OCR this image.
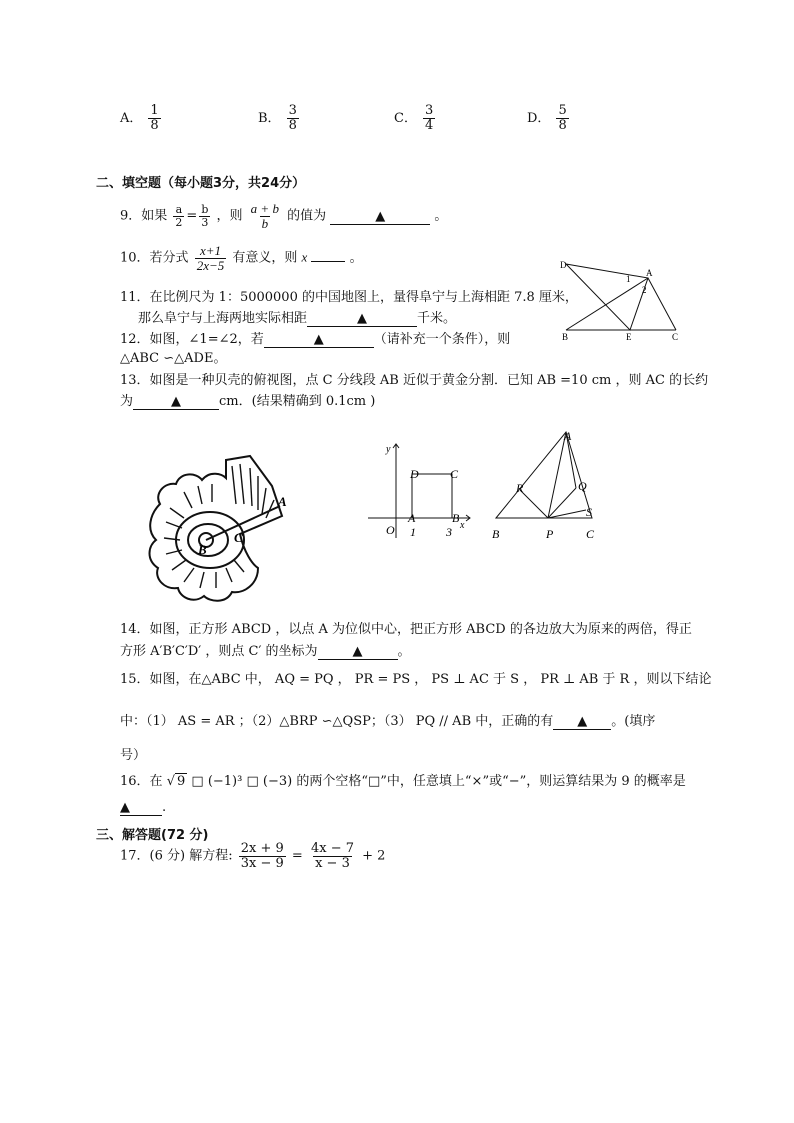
A． $\frac{1}{8}$	B． $\frac{3}{8}$	C． $\frac{3}{4}$	D． $\frac{5}{8}$
二、填空题（每小题3分，共24分）
9．如果 $\frac{a}{2} = \frac{b}{3}$ ，则 $\frac{a + b}{b}$ 的值为	▲	。
10．若分式 $\frac{x+1}{2x-5}$ 有意义，则 x	。
11．在比例尺为 1：5000000 的中国地图上，量得阜宁与上海相距 7.8 厘米，
那么阜宁与上海两地实际相距	▲	千米。
12．如图，∠1=∠2，若	▲	（请补充一个条件），则
△ABC ∽△ADE。
13．如图是一种贝壳的俯视图，点 C 分线段 AB 近似于黄金分割．已知 AB =10 cm ，则 AC 的长约
为	▲	cm．(结果精确到 0.1cm )
D
A
1
2
B	E	C
A
B
C
y
x
O
A	B
C
D
1	3
A
B	C
P
Q
R
S
14．如图，正方形 ABCD ，以点 A 为位似中心，把正方形 ABCD 的各边放大为原来的两倍，得正
方形 A′B′C′D′ ，则点 C′ 的坐标为	▲	。
15．如图，在△ABC 中， AQ = PQ ， PR = PS ， PS ⊥ AC 于 S ， PR ⊥ AB 于 R ，则以下结论
中：（1） AS = AR ；（2）△BRP ∽△QSP；（3） PQ // AB 中，正确的有 ▲ 。(填序
号）
16．在 √ 9 □ (−1)³ □ (−3) 的两个空格“□”中，任意填上“×”或“−”，则运算结果为 9 的概率是
▲ .
三、解答题(72 分)
17．(6 分) 解方程: $\frac{2x + 9}{3x - 9} = \frac{4x - 7}{x - 3} + 2$
